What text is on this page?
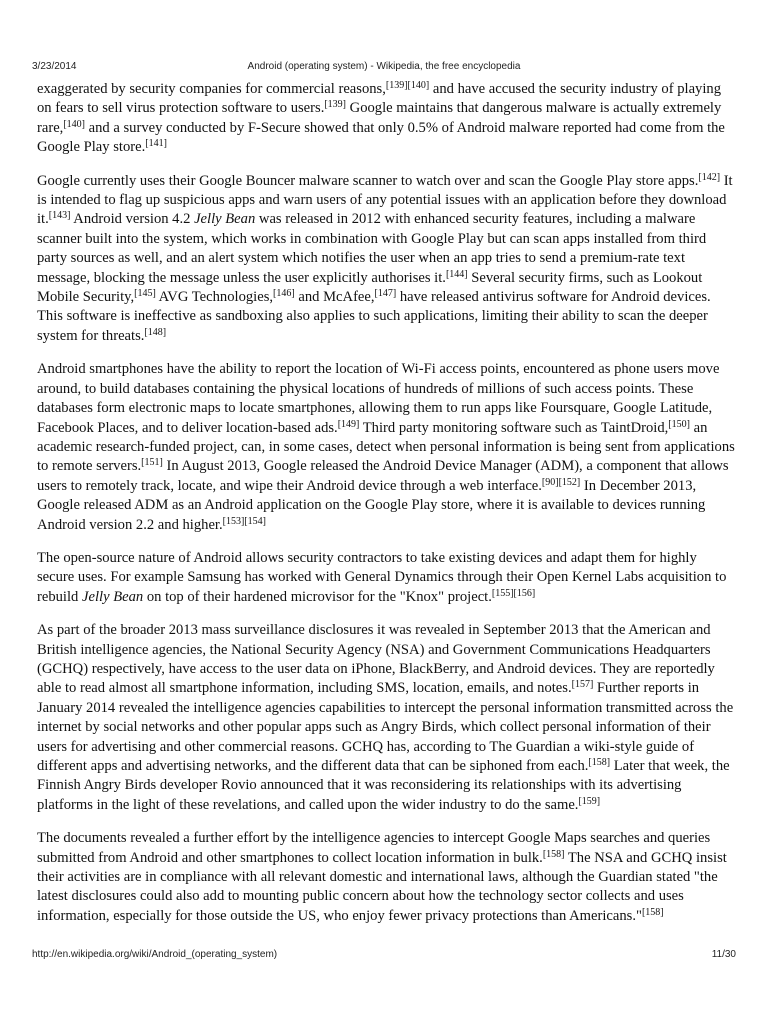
3/23/2014	Android (operating system) - Wikipedia, the free encyclopedia

exaggerated by security companies for commercial reasons,[139][140] and have accused the security industry of playing on fears to sell virus protection software to users.[139] Google maintains that dangerous malware is actually extremely rare,[140] and a survey conducted by F-Secure showed that only 0.5% of Android malware reported had come from the Google Play store.[141]

Google currently uses their Google Bouncer malware scanner to watch over and scan the Google Play store apps.[142] It is intended to flag up suspicious apps and warn users of any potential issues with an application before they download it.[143] Android version 4.2 Jelly Bean was released in 2012 with enhanced security features, including a malware scanner built into the system, which works in combination with Google Play but can scan apps installed from third party sources as well, and an alert system which notifies the user when an app tries to send a premium-rate text message, blocking the message unless the user explicitly authorises it.[144] Several security firms, such as Lookout Mobile Security,[145] AVG Technologies,[146] and McAfee,[147] have released antivirus software for Android devices. This software is ineffective as sandboxing also applies to such applications, limiting their ability to scan the deeper system for threats.[148]

Android smartphones have the ability to report the location of Wi-Fi access points, encountered as phone users move around, to build databases containing the physical locations of hundreds of millions of such access points. These databases form electronic maps to locate smartphones, allowing them to run apps like Foursquare, Google Latitude, Facebook Places, and to deliver location-based ads.[149] Third party monitoring software such as TaintDroid,[150] an academic research-funded project, can, in some cases, detect when personal information is being sent from applications to remote servers.[151] In August 2013, Google released the Android Device Manager (ADM), a component that allows users to remotely track, locate, and wipe their Android device through a web interface.[90][152] In December 2013, Google released ADM as an Android application on the Google Play store, where it is available to devices running Android version 2.2 and higher.[153][154]

The open-source nature of Android allows security contractors to take existing devices and adapt them for highly secure uses. For example Samsung has worked with General Dynamics through their Open Kernel Labs acquisition to rebuild Jelly Bean on top of their hardened microvisor for the "Knox" project.[155][156]

As part of the broader 2013 mass surveillance disclosures it was revealed in September 2013 that the American and British intelligence agencies, the National Security Agency (NSA) and Government Communications Headquarters (GCHQ) respectively, have access to the user data on iPhone, BlackBerry, and Android devices. They are reportedly able to read almost all smartphone information, including SMS, location, emails, and notes.[157] Further reports in January 2014 revealed the intelligence agencies capabilities to intercept the personal information transmitted across the internet by social networks and other popular apps such as Angry Birds, which collect personal information of their users for advertising and other commercial reasons. GCHQ has, according to The Guardian a wiki-style guide of different apps and advertising networks, and the different data that can be siphoned from each.[158] Later that week, the Finnish Angry Birds developer Rovio announced that it was reconsidering its relationships with its advertising platforms in the light of these revelations, and called upon the wider industry to do the same.[159]

The documents revealed a further effort by the intelligence agencies to intercept Google Maps searches and queries submitted from Android and other smartphones to collect location information in bulk.[158] The NSA and GCHQ insist their activities are in compliance with all relevant domestic and international laws, although the Guardian stated "the latest disclosures could also add to mounting public concern about how the technology sector collects and uses information, especially for those outside the US, who enjoy fewer privacy protections than Americans."[158]

http://en.wikipedia.org/wiki/Android_(operating_system)	11/30
